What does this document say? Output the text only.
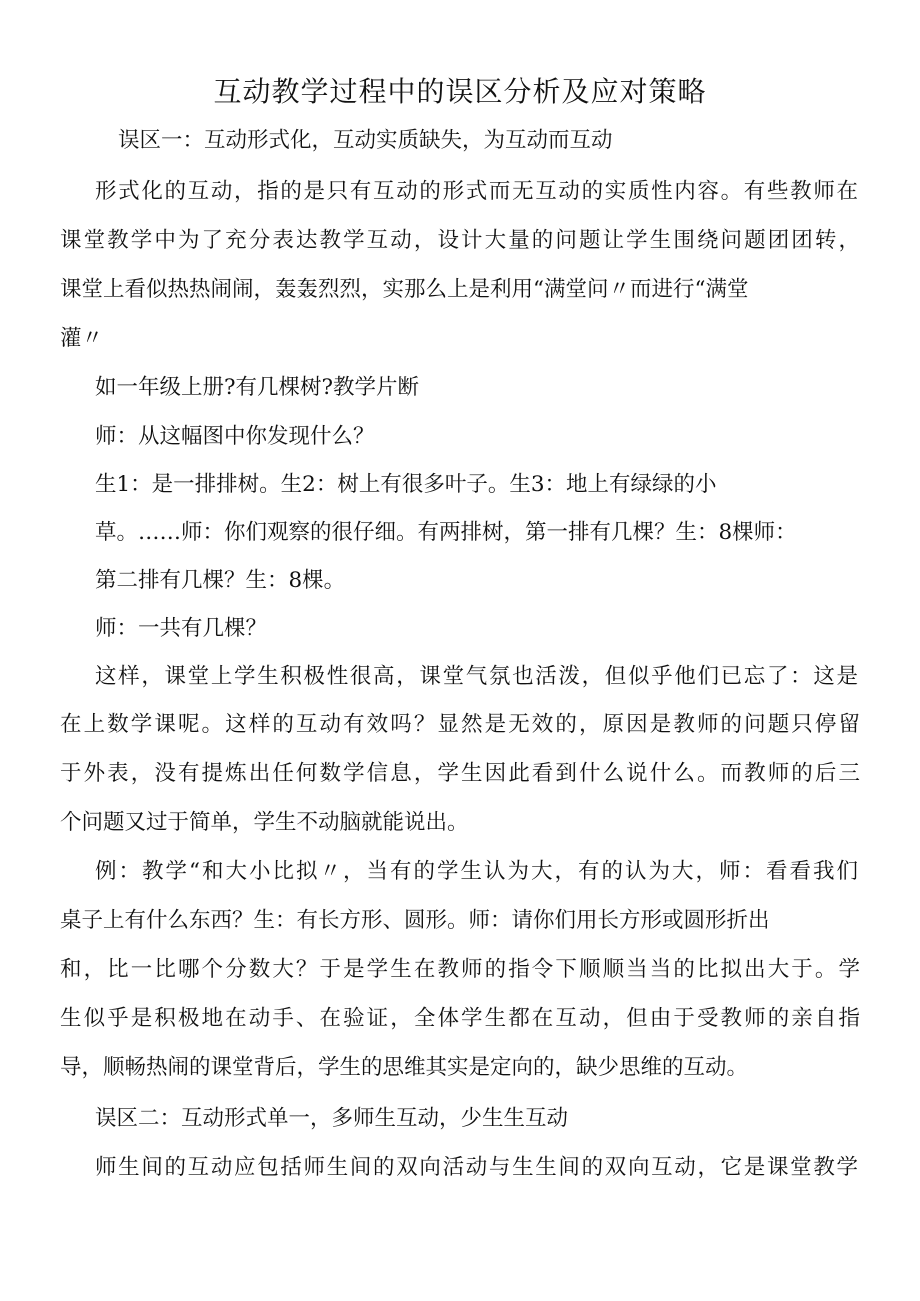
互动教学过程中的误区分析及应对策略
误区一：互动形式化，互动实质缺失，为互动而互动
形式化的互动，指的是只有互动的形式而无互动的实质性内容。有些教师在
课堂教学中为了充分表达教学互动，设计大量的问题让学生围绕问题团团转，
课堂上看似热热闹闹，轰轰烈烈，实那么上是利用“满堂问〃而进行“满堂
灌〃
如一年级上册?有几棵树?教学片断
师：从这幅图中你发现什么？
生1：是一排排树。生2：树上有很多叶子。生3：地上有绿绿的小
草。……师：你们观察的很仔细。有两排树，第一排有几棵？生：8棵师：
第二排有几棵？生：8棵。
师：一共有几棵？
这样，课堂上学生积极性很高，课堂气氛也活泼，但似乎他们已忘了：这是
在上数学课呢。这样的互动有效吗？显然是无效的，原因是教师的问题只停留
于外表，没有提炼出任何数学信息，学生因此看到什么说什么。而教师的后三
个问题又过于简单，学生不动脑就能说出。
例：教学“和大小比拟〃，当有的学生认为大，有的认为大，师：看看我们
桌子上有什么东西？生：有长方形、圆形。师：请你们用长方形或圆形折出
和，比一比哪个分数大？于是学生在教师的指令下顺顺当当的比拟出大于。学
生似乎是积极地在动手、在验证，全体学生都在互动，但由于受教师的亲自指
导，顺畅热闹的课堂背后，学生的思维其实是定向的，缺少思维的互动。
误区二：互动形式单一，多师生互动，少生生互动
师生间的互动应包括师生间的双向活动与生生间的双向互动，它是课堂教学
